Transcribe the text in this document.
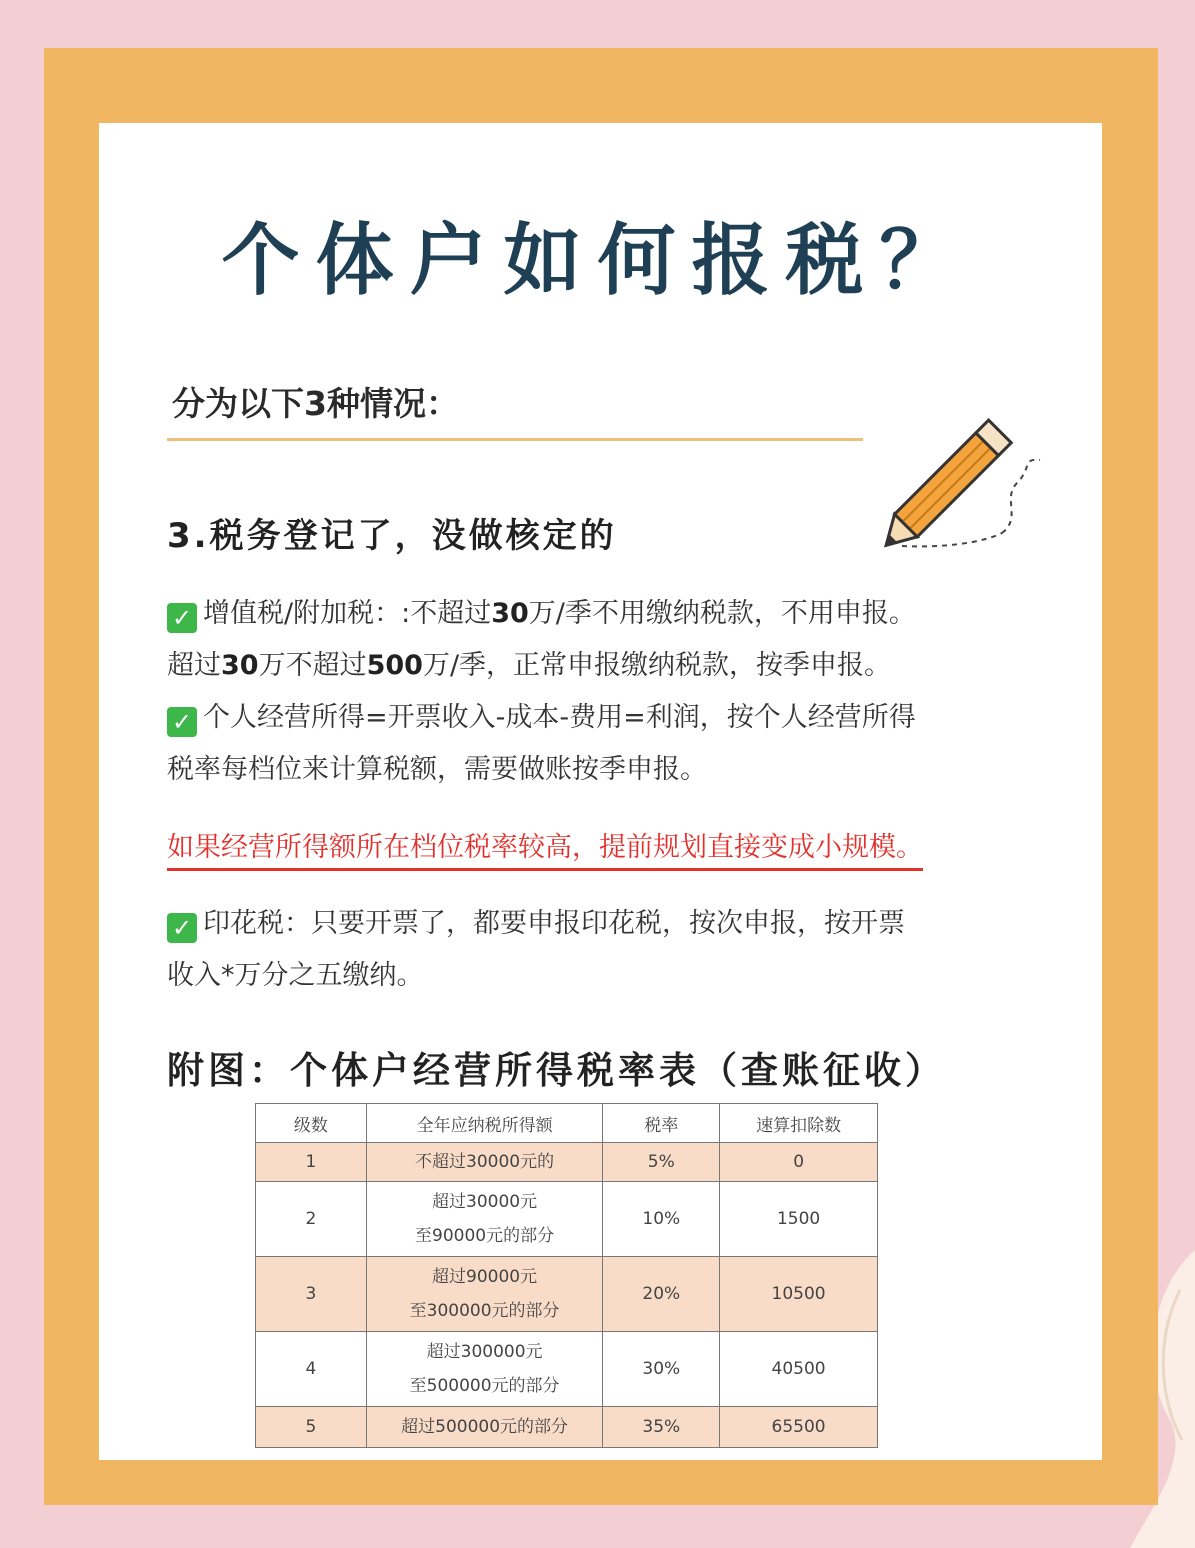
个体户如何报税？
分为以下3种情况：
3.税务登记了，没做核定的

✓ 增值税/附加税：:不超过30万/季不用缴纳税款，不用申报。

超过30万不超过500万/季，正常申报缴纳税款，按季申报。

✓ 个人经营所得=开票收入-成本-费用=利润，按个人经营所得

税率每档位来计算税额，需要做账按季申报。

如果经营所得额所在档位税率较高，提前规划直接变成小规模。

✓ 印花税：只要开票了，都要申报印花税，按次申报，按开票

收入*万分之五缴纳。

附图：个体户经营所得税率表（查账征收）
级数	全年应纳税所得额	税率	速算扣除数
1	不超过30000元的	5%	0
2	超过30000元
至90000元的部分	10%	1500
3	超过90000元
至300000元的部分	20%	10500
4	超过300000元
至500000元的部分	30%	40500
5	超过500000元的部分	35%	65500
